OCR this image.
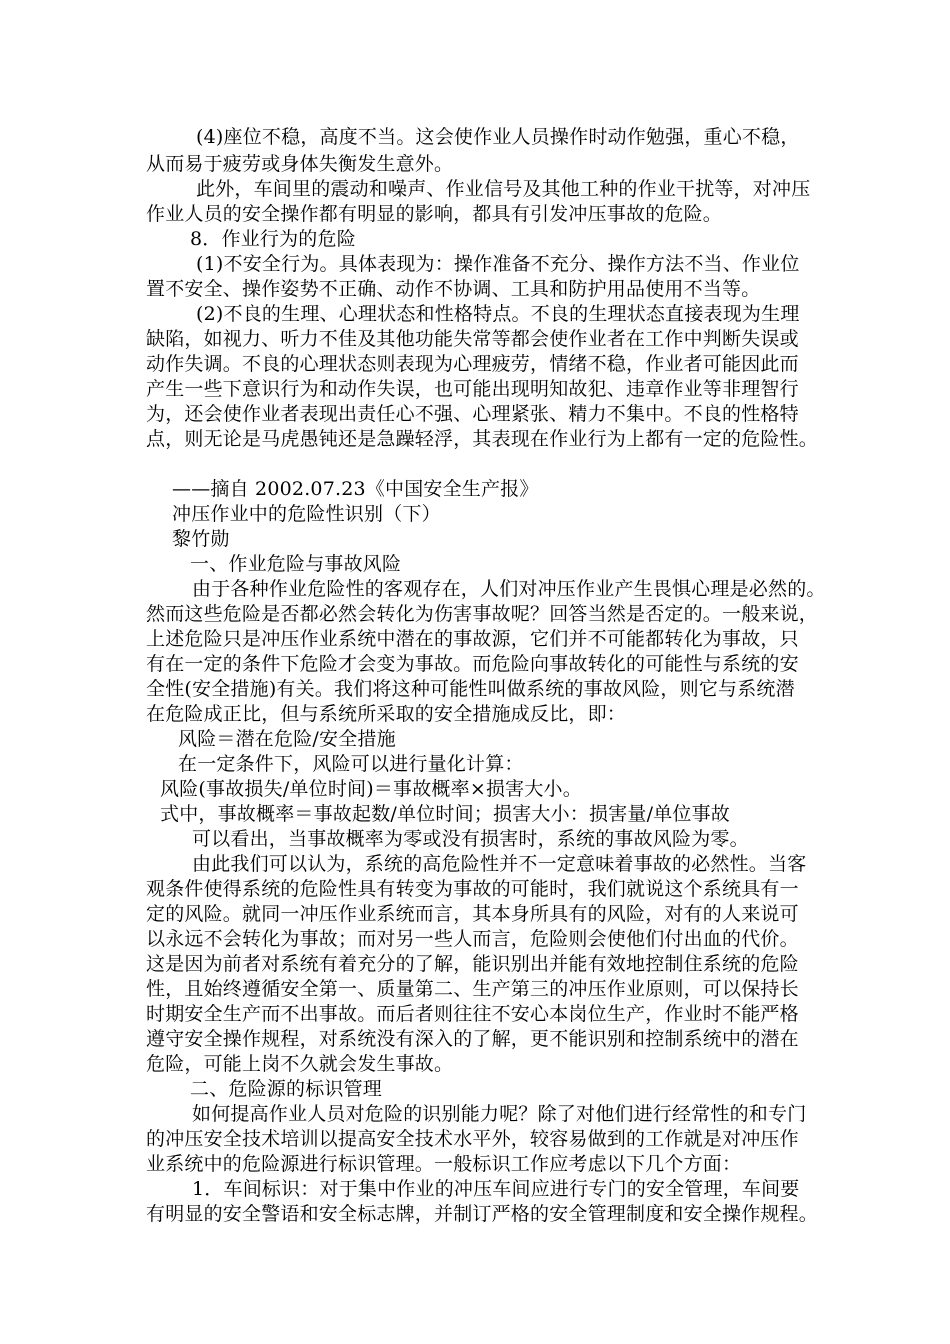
(4)座位不稳，高度不当。这会使作业人员操作时动作勉强，重心不稳，
从而易于疲劳或身体失衡发生意外。
此外，车间里的震动和噪声、作业信号及其他工种的作业干扰等，对冲压
作业人员的安全操作都有明显的影响，都具有引发冲压事故的危险。
8．作业行为的危险
(1)不安全行为。具体表现为：操作准备不充分、操作方法不当、作业位
置不安全、操作姿势不正确、动作不协调、工具和防护用品使用不当等。
(2)不良的生理、心理状态和性格特点。不良的生理状态直接表现为生理
缺陷，如视力、听力不佳及其他功能失常等都会使作业者在工作中判断失误或
动作失调。不良的心理状态则表现为心理疲劳，情绪不稳，作业者可能因此而
产生一些下意识行为和动作失误，也可能出现明知故犯、违章作业等非理智行
为，还会使作业者表现出责任心不强、心理紧张、精力不集中。不良的性格特
点，则无论是马虎愚钝还是急躁轻浮，其表现在作业行为上都有一定的危险性。
——摘自 2002.07.23《中国安全生产报》
冲压作业中的危险性识别（下）
黎竹勋
一、作业危险与事故风险
由于各种作业危险性的客观存在，人们对冲压作业产生畏惧心理是必然的。
然而这些危险是否都必然会转化为伤害事故呢？回答当然是否定的。一般来说，
上述危险只是冲压作业系统中潜在的事故源，它们并不可能都转化为事故，只
有在一定的条件下危险才会变为事故。而危险向事故转化的可能性与系统的安
全性(安全措施)有关。我们将这种可能性叫做系统的事故风险，则它与系统潜
在危险成正比，但与系统所采取的安全措施成反比，即：
风险＝潜在危险/安全措施
在一定条件下，风险可以进行量化计算：
风险(事故损失/单位时间)＝事故概率×损害大小。
式中，事故概率＝事故起数/单位时间；损害大小：损害量/单位事故
可以看出，当事故概率为零或没有损害时，系统的事故风险为零。
由此我们可以认为，系统的高危险性并不一定意味着事故的必然性。当客
观条件使得系统的危险性具有转变为事故的可能时，我们就说这个系统具有一
定的风险。就同一冲压作业系统而言，其本身所具有的风险，对有的人来说可
以永远不会转化为事故；而对另一些人而言，危险则会使他们付出血的代价。
这是因为前者对系统有着充分的了解，能识别出并能有效地控制住系统的危险
性，且始终遵循安全第一、质量第二、生产第三的冲压作业原则，可以保持长
时期安全生产而不出事故。而后者则往往不安心本岗位生产，作业时不能严格
遵守安全操作规程，对系统没有深入的了解，更不能识别和控制系统中的潜在
危险，可能上岗不久就会发生事故。
二、危险源的标识管理
如何提高作业人员对危险的识别能力呢？除了对他们进行经常性的和专门
的冲压安全技术培训以提高安全技术水平外，较容易做到的工作就是对冲压作
业系统中的危险源进行标识管理。一般标识工作应考虑以下几个方面：
1．车间标识：对于集中作业的冲压车间应进行专门的安全管理，车间要
有明显的安全警语和安全标志牌，并制订严格的安全管理制度和安全操作规程。
